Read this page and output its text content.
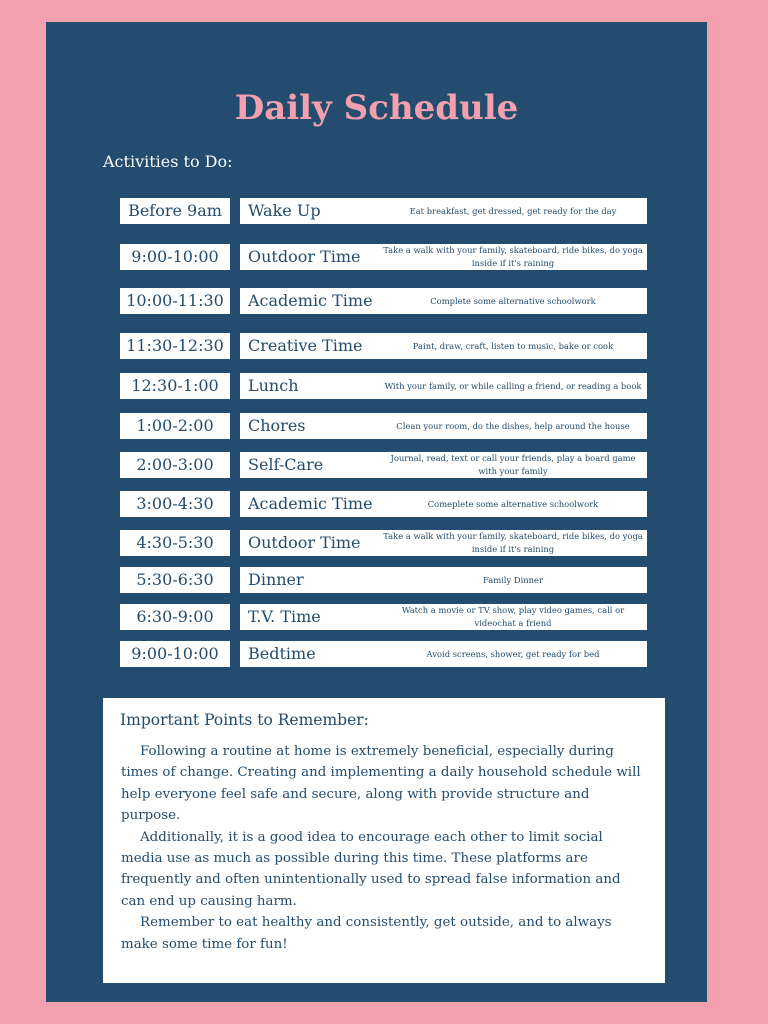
Daily Schedule
Activities to Do:
Before 9am	Wake Up	Eat breakfast, get dressed, get ready for the day
9:00-10:00	Outdoor Time	Take a walk with your family, skateboard, ride bikes, do yoga inside if it's raining
10:00-11:30	Academic Time	Complete some alternative schoolwork
11:30-12:30	Creative Time	Paint, draw, craft, listen to music, bake or cook
12:30-1:00	Lunch	With your family, or while calling a friend, or reading a book
1:00-2:00	Chores	Clean your room, do the dishes, help around the house
2:00-3:00	Self-Care	Journal, read, text or call your friends, play a board game with your family
3:00-4:30	Academic Time	Comeplete some alternative schoolwork
4:30-5:30	Outdoor Time	Take a walk with your family, skateboard, ride bikes, do yoga inside if it's raining
5:30-6:30	Dinner	Family Dinner
6:30-9:00	T.V. Time	Watch a movie or TV show, play video games, call or videochat a friend
9:00-10:00	Bedtime	Avoid screens, shower, get ready for bed
Important Points to Remember:

Following a routine at home is extremely beneficial, especially during times of change. Creating and implementing a daily household schedule will help everyone feel safe and secure, along with provide structure and purpose.

Additionally, it is a good idea to encourage each other to limit social media use as much as possible during this time. These platforms are frequently and often unintentionally used to spread false information and can end up causing harm.

Remember to eat healthy and consistently, get outside, and to always make some time for fun!
